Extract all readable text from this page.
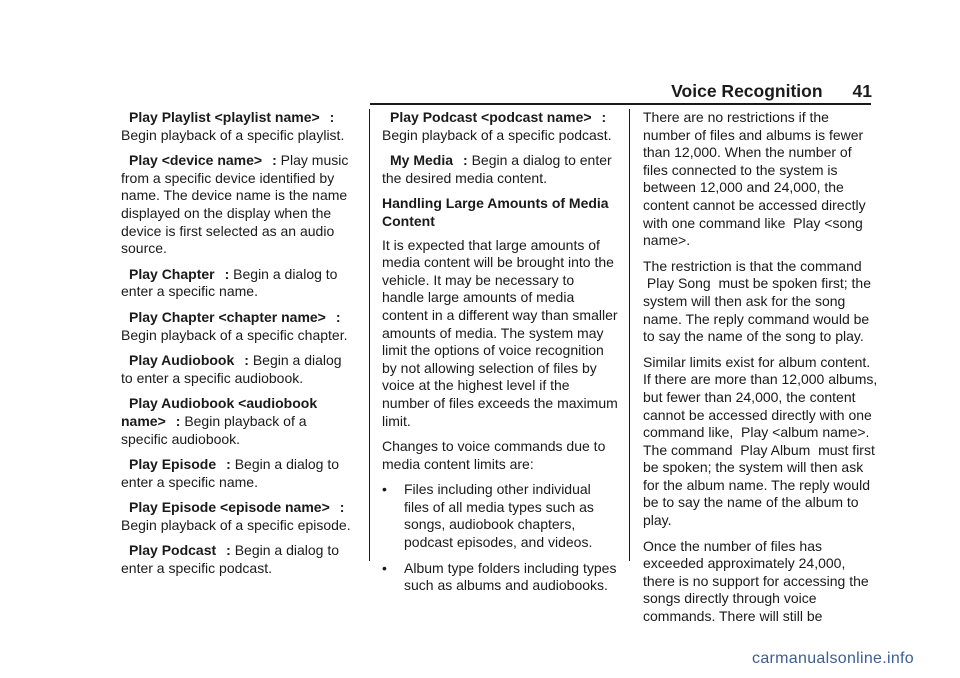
Voice Recognition 41

Play Playlist <playlist name> : Begin playback of a specific playlist.

Play <device name> : Play music from a specific device identified by name. The device name is the name displayed on the display when the device is first selected as an audio source.

Play Chapter : Begin a dialog to enter a specific name.

Play Chapter <chapter name> : Begin playback of a specific chapter.

Play Audiobook : Begin a dialog to enter a specific audiobook.

Play Audiobook <audiobook name> : Begin playback of a specific audiobook.

Play Episode : Begin a dialog to enter a specific name.

Play Episode <episode name> : Begin playback of a specific episode.

Play Podcast : Begin a dialog to enter a specific podcast.

Play Podcast <podcast name> : Begin playback of a specific podcast.

My Media : Begin a dialog to enter the desired media content.

Handling Large Amounts of Media Content

It is expected that large amounts of media content will be brought into the vehicle. It may be necessary to handle large amounts of media content in a different way than smaller amounts of media. The system may limit the options of voice recognition by not allowing selection of files by voice at the highest level if the number of files exceeds the maximum limit.

Changes to voice commands due to media content limits are:

•	Files including other individual files of all media types such as songs, audiobook chapters, podcast episodes, and videos.
•	Album type folders including types such as albums and audiobooks.

There are no restrictions if the number of files and albums is fewer than 12,000. When the number of files connected to the system is between 12,000 and 24,000, the content cannot be accessed directly with one command like  Play <song name>.

The restriction is that the command  Play Song  must be spoken first; the system will then ask for the song name. The reply command would be to say the name of the song to play.

Similar limits exist for album content. If there are more than 12,000 albums, but fewer than 24,000, the content cannot be accessed directly with one command like,  Play <album name>.  The command  Play Album  must first be spoken; the system will then ask for the album name. The reply would be to say the name of the album to play.

Once the number of files has exceeded approximately 24,000, there is no support for accessing the songs directly through voice commands. There will still be

carmanualsonline.info
